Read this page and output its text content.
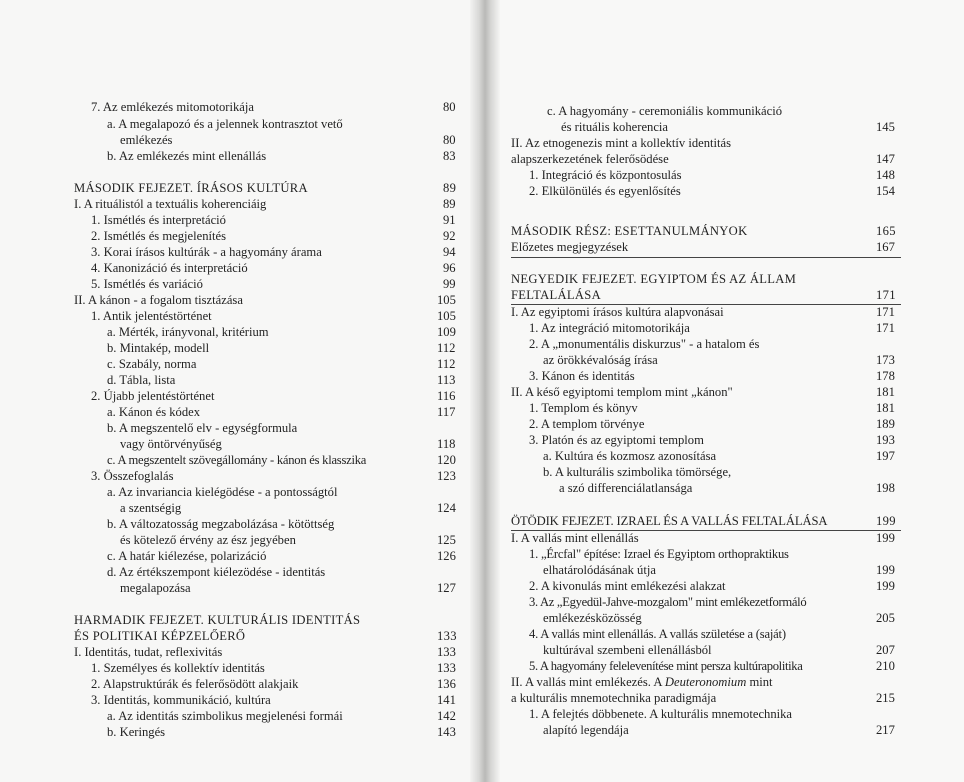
7. Az emlékezés mitomotorikája	80
a. A megalapozó és a jelennek kontrasztot vető
emlékezés	80
b. Az emlékezés mint ellenállás	83
MÁSODIK FEJEZET. ÍRÁSOS KULTÚRA	89
I. A rituálistól a textuális koherenciáig	89
1. Ismétlés és interpretáció	91
2. Ismétlés és megjelenítés	92
3. Korai írásos kultúrák - a hagyomány árama	94
4. Kanonizáció és interpretáció	96
5. Ismétlés és variáció	99
II. A kánon - a fogalom tisztázása	105
1. Antik jelentéstörténet	105
a. Mérték, irányvonal, kritérium	109
b. Mintakép, modell	112
c. Szabály, norma	112
d. Tábla, lista	113
2. Újabb jelentéstörténet	116
a. Kánon és kódex	117
b. A megszentelő elv - egységformula
vagy öntörvényűség	118
c. A megszentelt szövegállomány - kánon és klasszika	120
3. Összefoglalás	123
a. Az invariancia kielégödése - a pontosságtól
a szentségig	124
b. A változatosság megzabolázása - kötöttség
és kötelező érvény az ész jegyében	125
c. A határ kiélezése, polarizáció	126
d. Az értékszempont kiélezödése - identitás
megalapozása	127
HARMADIK FEJEZET. KULTURÁLIS IDENTITÁS
ÉS POLITIKAI KÉPZELŐERŐ	133
I. Identitás, tudat, reflexivitás	133
1. Személyes és kollektív identitás	133
2. Alapstruktúrák és felerősödött alakjaik	136
3. Identitás, kommunikáció, kultúra	141
a. Az identitás szimbolikus megjelenési formái	142
b. Keringés	143
c. A hagyomány - ceremoniális kommunikáció
és rituális koherencia	145
II. Az etnogenezis mint a kollektív identitás
alapszerkezetének felerősödése	147
1. Integráció és központosulás	148
2. Elkülönülés és egyenlősítés	154
MÁSODIK RÉSZ: ESETTANULMÁNYOK	165
Előzetes megjegyzések	167
NEGYEDIK FEJEZET. EGYIPTOM ÉS AZ ÁLLAM
FELTALÁLÁSA	171
I. Az egyiptomi írásos kultúra alapvonásai	171
1. Az integráció mitomotorikája	171
2. A „monumentális diskurzus" - a hatalom és
az örökkévalóság írása	173
3. Kánon és identitás	178
II. A késő egyiptomi templom mint „kánon"	181
1. Templom és könyv	181
2. A templom törvénye	189
3. Platón és az egyiptomi templom	193
a. Kultúra és kozmosz azonosítása	197
b. A kulturális szimbolika tömörsége,
a szó differenciálatlansága	198
ÖTÖDIK FEJEZET. IZRAEL ÉS A VALLÁS FELTALÁLÁSA	199
I. A vallás mint ellenállás	199
1. „Ércfal" építése: Izrael és Egyiptom orthopraktikus
elhatárolódásának útja	199
2. A kivonulás mint emlékezési alakzat	199
3. Az „Egyedül-Jahve-mozgalom" mint emlékezetformáló
emlékezésközösség	205
4. A vallás mint ellenállás. A vallás születése a (saját)
kultúrával szembeni ellenállásból	207
5. A hagyomány felelevenítése mint persza kultúrapolitika	210
II. A vallás mint emlékezés. A Deuteronomium mint
a kulturális mnemotechnika paradigmája	215
1. A felejtés döbbenete. A kulturális mnemotechnika
alapító legendája	217
